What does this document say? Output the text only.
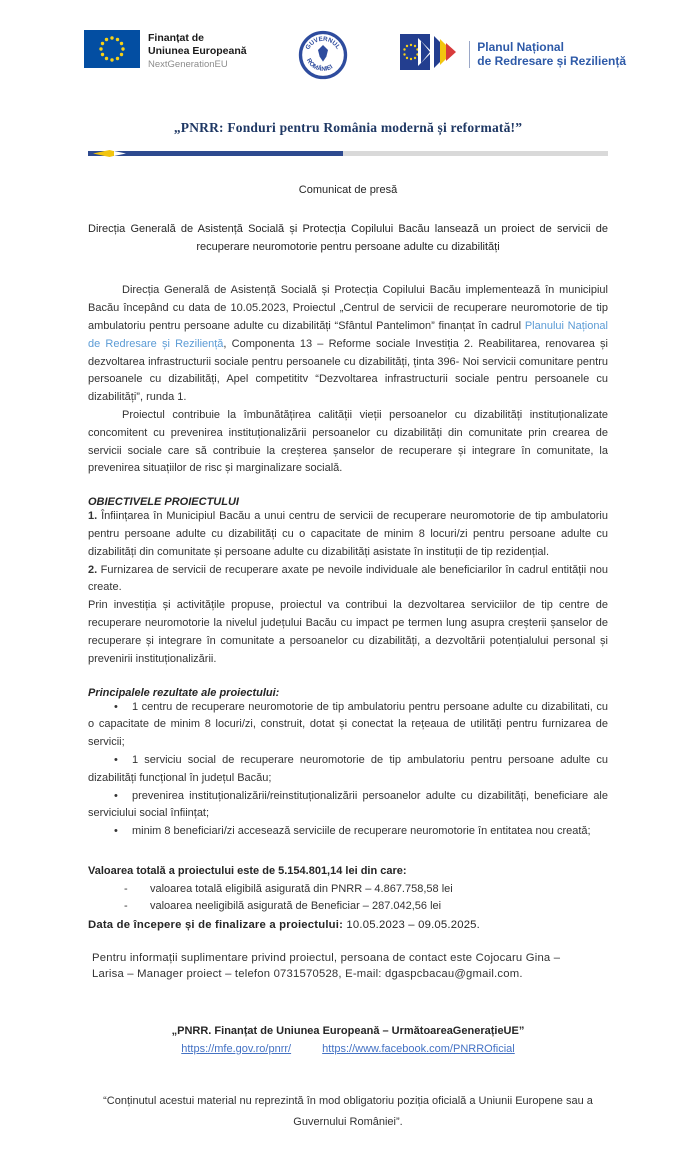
Finanțat de
Uniunea Europeană
NextGenerationEU
GUVERNUL
ROMÂNIEI
Planul Național
de Redresare și Reziliență
„PNRR: Fonduri pentru România modernă și reformată!”
Comunicat de presă
Direcția Generală de Asistență Socială și Protecția Copilului Bacău lansează un proiect de servicii de recuperare neuromotorie pentru persoane adulte cu dizabilități

Direcția Generală de Asistență Socială și Protecția Copilului Bacău implementează în municipiul Bacău începând cu data de 10.05.2023, Proiectul „Centrul de servicii de recuperare neuromotorie de tip ambulatoriu pentru persoane adulte cu dizabilități “Sfântul Pantelimon” finanțat în cadrul Planului Național de Redresare și Reziliență, Componenta 13 – Reforme sociale Investiția 2. Reabilitarea, renovarea și dezvoltarea infrastructurii sociale pentru persoanele cu dizabilități, ținta 396- Noi servicii comunitare pentru persoanele cu dizabilități, Apel competititv “Dezvoltarea infrastructurii sociale pentru persoanele cu dizabilități”, runda 1.

Proiectul contribuie la îmbunătățirea calității vieții persoanelor cu dizabilități instituționalizate concomitent cu prevenirea instituționalizării persoanelor cu dizabilități din comunitate prin crearea de servicii sociale care să contribuie la creșterea șanselor de recuperare și integrare în comunitate, la prevenirea situațiilor de risc și marginalizare socială.

OBIECTIVELE PROIECTULUI

1. Înființarea în Municipiul Bacău a unui centru de servicii de recuperare neuromotorie de tip ambulatoriu pentru persoane adulte cu dizabilități cu o capacitate de minim 8 locuri/zi pentru persoane adulte cu dizabilități din comunitate și persoane adulte cu dizabilități asistate în instituții de tip rezidențial.

2. Furnizarea de servicii de recuperare axate pe nevoile individuale ale beneficiarilor în cadrul entității nou create.

Prin investiția și activitățile propuse, proiectul va contribui la dezvoltarea serviciilor de tip centre de recuperare neuromotorie la nivelul județului Bacău cu impact pe termen lung asupra creșterii șanselor de recuperare și integrare în comunitate a persoanelor cu dizabilități, a dezvoltării potențialului personal și prevenirii instituționalizării.

Principalele rezultate ale proiectului:

• 1 centru de recuperare neuromotorie de tip ambulatoriu pentru persoane adulte cu dizabilitati, cu o capacitate de minim 8 locuri/zi, construit, dotat și conectat la rețeaua de utilități pentru furnizarea de servicii;

• 1 serviciu social de recuperare neuromotorie de tip ambulatoriu pentru persoane adulte cu dizabilități funcțional în județul Bacău;

• prevenirea instituționalizării/reinstituționalizării persoanelor adulte cu dizabilități, beneficiare ale serviciului social înființat;

• minim 8 beneficiari/zi accesează serviciile de recuperare neuromotorie în entitatea nou creată;

Valoarea totală a proiectului este de 5.154.801,14 lei din care:

- valoarea totală eligibilă asigurată din PNRR – 4.867.758,58 lei

- valoarea neeligibilă asigurată de Beneficiar – 287.042,56 lei

Data de începere și de finalizare a proiectului: 10.05.2023 – 09.05.2025.
Pentru informații suplimentare privind proiectul, persoana de contact este Cojocaru Gina –
Larisa – Manager proiect – telefon 0731570528, E-mail: dgaspcbacau@gmail.com.
„PNRR. Finanțat de Uniunea Europeană – UrmătoareaGenerațieUE”
https://mfe.gov.ro/pnrr/	https://www.facebook.com/PNRROficial
“Conținutul acestui material nu reprezintă în mod obligatoriu poziția oficială a Uniunii Europene sau a
Guvernului României”.
